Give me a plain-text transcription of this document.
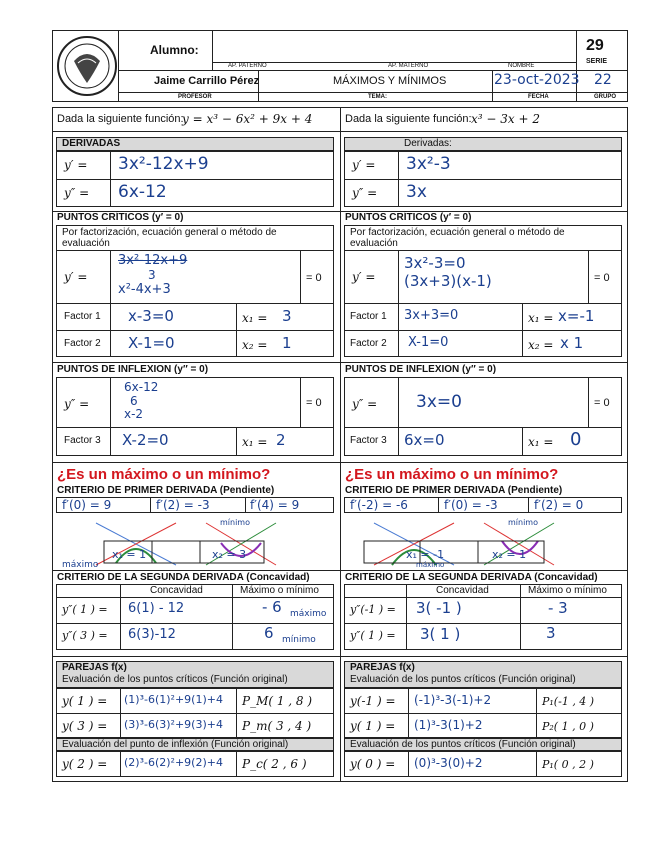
Alumno:
AP. PATERNO	AP. MATERNO	NOMBRE
29
SERIE
Jaime Carrillo Pérez	MÁXIMOS Y MÍNIMOS	23-oct-2023 22
PROFESOR	TEMA:	FECHA	GRUPO
Dada la siguiente función:
y = x³ − 6x² + 9x + 4
DERIVADAS
y′ = 3x²-12x+9
y″ = 6x-12
PUNTOS CRÍTICOS (y′ = 0)
Por factorización, ecuación general o método de evaluación
y′ =
3x²-12x+9
3
x²-4x+3
= 0
Factor 1 x-3=0	x₁ = 3
Factor 2 X-1=0	x₂ = 1
PUNTOS DE INFLEXION (y″ = 0)
y″ =
6x-12
6
x-2
= 0
Factor 3 X-2=0	x₁ = 2
¿Es un máximo o un mínimo?
CRITERIO DE PRIMER DERIVADA (Pendiente)
f′(0) = 9	f′(2) = -3	f′(4) = 9
x₁ = 1	x₂ = 3
mínimo
máximo
CRITERIO DE LA SEGUNDA DERIVADA (Concavidad)
Concavidad	Máximo o mínimo
y″( 1 ) = 6(1) - 12	- 6 máximo
y″( 3 ) = 6(3)-12	6 mínimo
PAREJAS f(x)
Evaluación de los puntos críticos (Función original)
y( 1 ) = (1)³-6(1)²+9(1)+4 P_M( 1 , 8 )
y( 3 ) = (3)³-6(3)²+9(3)+4 P_m( 3 , 4 )
Evaluación del punto de inflexión (Función original)
y( 2 ) = (2)³-6(2)²+9(2)+4 P_c( 2 , 6 )
Dada la siguiente función: x³ − 3x + 2
Derivadas:
y′ = 3x²-3
y″ = 3x
PUNTOS CRÍTICOS (y′ = 0)
Por factorización, ecuación general o método de evaluación
y′ =
3x²-3=0
(3x+3)(x-1)	= 0
Factor 1 3x+3=0	x₁ = x=-1
Factor 2 X-1=0	x₂ = x 1
PUNTOS DE INFLEXION (y″ = 0)
y″ = 3x=0	= 0
Factor 3 6x=0	x₁ = 0
¿Es un máximo o un mínimo?
CRITERIO DE PRIMER DERIVADA (Pendiente)
f′(-2) = -6	f′(0) = -3	f′(2) = 0
x₁ = -1	x₂ = 1
mínimo
máximo
CRITERIO DE LA SEGUNDA DERIVADA (Concavidad)
Concavidad	Máximo o mínimo
y″(-1 ) = 3( -1 )	- 3
y″( 1 ) = 3( 1 )	3
PAREJAS f(x)
Evaluación de los puntos críticos (Función original)
y(-1 ) = (-1)³-3(-1)+2	P₁(-1 , 4 )
y( 1 ) = (1)³-3(1)+2	P₂( 1 , 0 )
Evaluación de los puntos críticos (Función original)
y( 0 ) = (0)³-3(0)+2	P₁( 0 , 2 )
